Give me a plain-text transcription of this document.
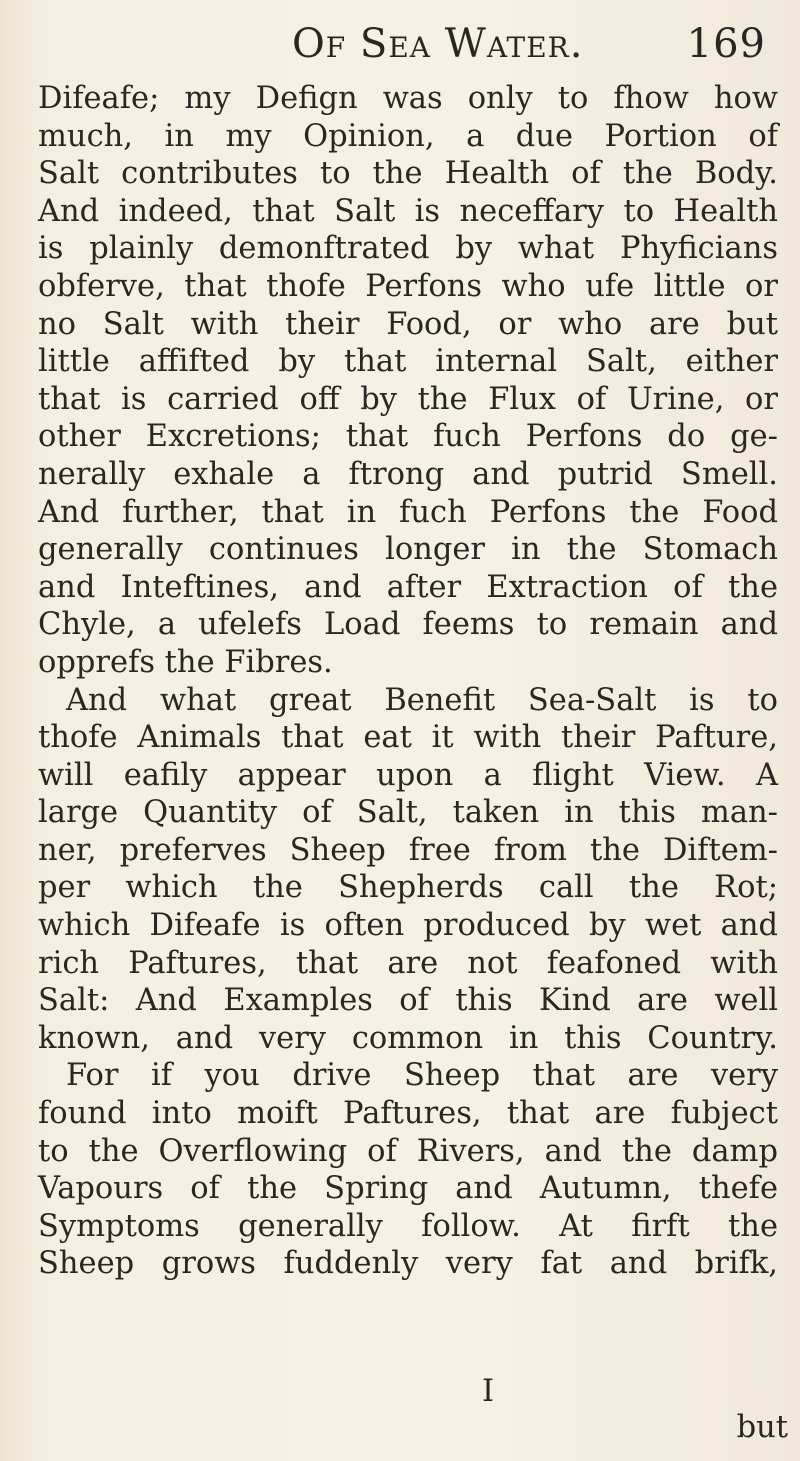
Of Sea Water.	169
Difeafe; my Defign was only to fhow how
much, in my Opinion, a due Portion of
Salt contributes to the Health of the Body.
And indeed, that Salt is neceffary to Health
is plainly demonftrated by what Phyficians
obferve, that thofe Perfons who ufe little or
no Salt with their Food, or who are but
little affifted by that internal Salt, either
that is carried off by the Flux of Urine, or
other Excretions; that fuch Perfons do ge-
nerally exhale a ftrong and putrid Smell.
And further, that in fuch Perfons the Food
generally continues longer in the Stomach
and Inteftines, and after Extraction of the
Chyle, a ufelefs Load feems to remain and
opprefs the Fibres.
And what great Benefit Sea-Salt is to
thofe Animals that eat it with their Pafture,
will eafily appear upon a flight View. A
large Quantity of Salt, taken in this man-
ner, preferves Sheep free from the Diftem-
per which the Shepherds call the Rot;
which Difeafe is often produced by wet and
rich Paftures, that are not feafoned with
Salt: And Examples of this Kind are well
known, and very common in this Country.
For if you drive Sheep that are very
found into moift Paftures, that are fubject
to the Overflowing of Rivers, and the damp
Vapours of the Spring and Autumn, thefe
Symptoms generally follow. At firft the
Sheep grows fuddenly very fat and brifk,
I
but
